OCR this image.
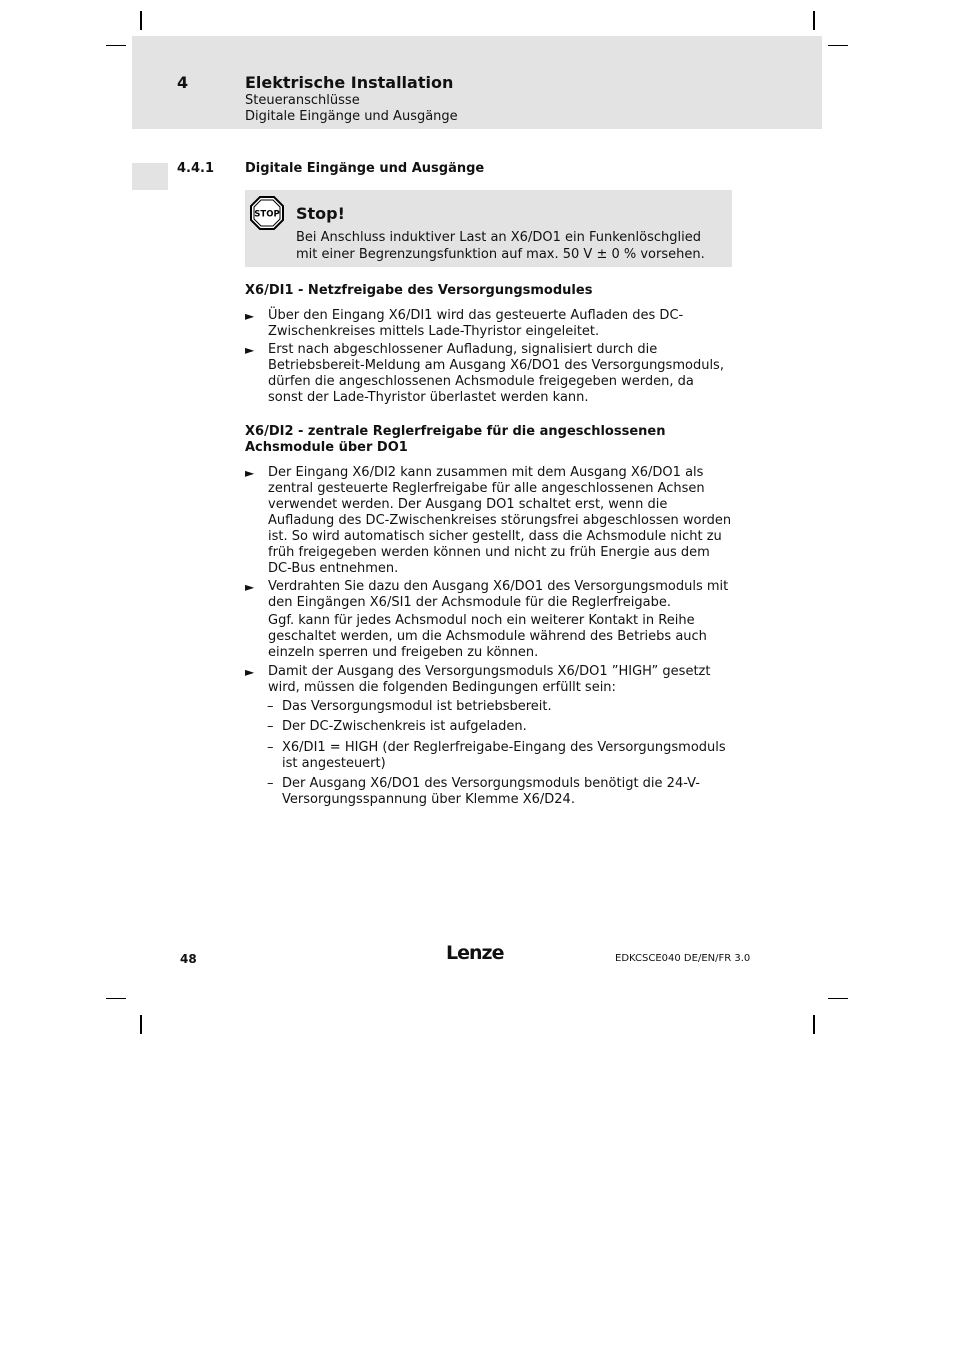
4	Elektrische Installation
Steueranschlüsse
Digitale Eingänge und Ausgänge
4.4.1 Digitale Eingänge und Ausgänge
STOP Stop!
Bei Anschluss induktiver Last an X6/DO1 ein Funkenlöschglied mit einer Begrenzungsfunktion auf max. 50 V ± 0 % vorsehen.
X6/DI1 - Netzfreigabe des Versorgungsmodules
► Über den Eingang X6/DI1 wird das gesteuerte Aufladen des DC-Zwischenkreises mittels Lade-Thyristor eingeleitet.
► Erst nach abgeschlossener Aufladung, signalisiert durch die Betriebsbereit-Meldung am Ausgang X6/DO1 des Versorgungsmoduls, dürfen die angeschlossenen Achsmodule freigegeben werden, da sonst der Lade-Thyristor überlastet werden kann.
X6/DI2 - zentrale Reglerfreigabe für die angeschlossenen Achsmodule über DO1
► Der Eingang X6/DI2 kann zusammen mit dem Ausgang X6/DO1 als zentral gesteuerte Reglerfreigabe für alle angeschlossenen Achsen verwendet werden. Der Ausgang DO1 schaltet erst, wenn die Aufladung des DC-Zwischenkreises störungsfrei abgeschlossen worden ist. So wird automatisch sicher gestellt, dass die Achsmodule nicht zu früh freigegeben werden können und nicht zu früh Energie aus dem DC-Bus entnehmen.
► Verdrahten Sie dazu den Ausgang X6/DO1 des Versorgungsmoduls mit den Eingängen X6/SI1 der Achsmodule für die Reglerfreigabe.

Ggf. kann für jedes Achsmodul noch ein weiterer Kontakt in Reihe geschaltet werden, um die Achsmodule während des Betriebs auch einzeln sperren und freigeben zu können.

► Damit der Ausgang des Versorgungsmoduls X6/DO1 ”HIGH” gesetzt wird, müssen die folgenden Bedingungen erfüllt sein:
– Das Versorgungsmodul ist betriebsbereit.
– Der DC-Zwischenkreis ist aufgeladen.
– X6/DI1 = HIGH (der Reglerfreigabe-Eingang des Versorgungsmoduls ist angesteuert)
– Der Ausgang X6/DO1 des Versorgungsmoduls benötigt die 24-V-Versorgungsspannung über Klemme X6/D24.
48	Lenze	EDKCSCE040 DE/EN/FR 3.0
